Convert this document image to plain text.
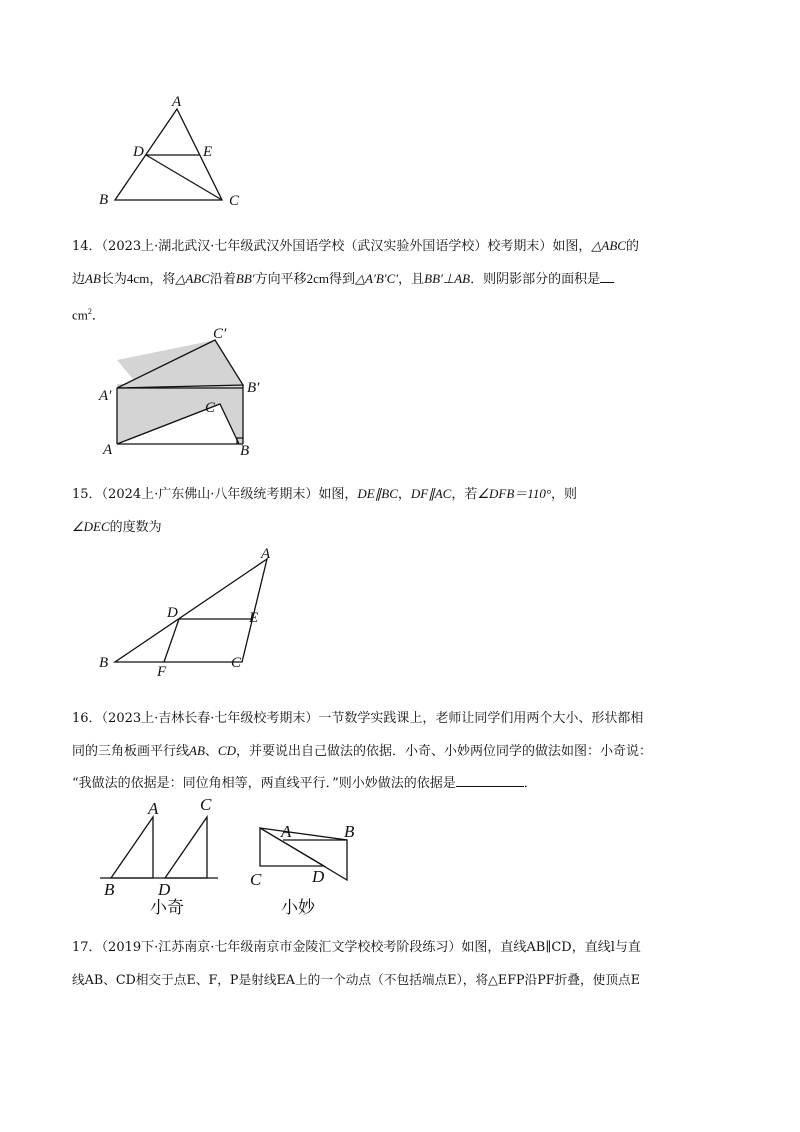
A
D	E
B	C

14．（2023上·湖北武汉·七年级武汉外国语学校（武汉实验外国语学校）校考期末）如图，△ABC的

边AB长为4cm，将△ABC沿着BB′方向平移2cm得到△A′B′C′，且BB′⊥AB．则阴影部分的面积是

$cm^2$．

C′
A′	B′
C
A	B

15．（2024上·广东佛山·八年级统考期末）如图，DE∥BC，DF∥AC，若∠DFB＝110°，则

∠DEC的度数为

A
D	E
B
F
C

16．（2023上·吉林长春·七年级校考期末）一节数学实践课上，老师让同学们用两个大小、形状都相

同的三角板画平行线AB、CD，并要说出自己做法的依据．小奇、小妙两位同学的做法如图：小奇说：

“我做法的依据是：同位角相等，两直线平行．”则小妙做法的依据是	．

A C
B	D
小奇
A	B
C	D
小妙

17．（2019下·江苏南京·七年级南京市金陵汇文学校校考阶段练习）如图，直线AB∥CD，直线l与直

线AB、CD相交于点E、F，P是射线EA上的一个动点（不包括端点E），将△EFP沿PF折叠，使顶点E
